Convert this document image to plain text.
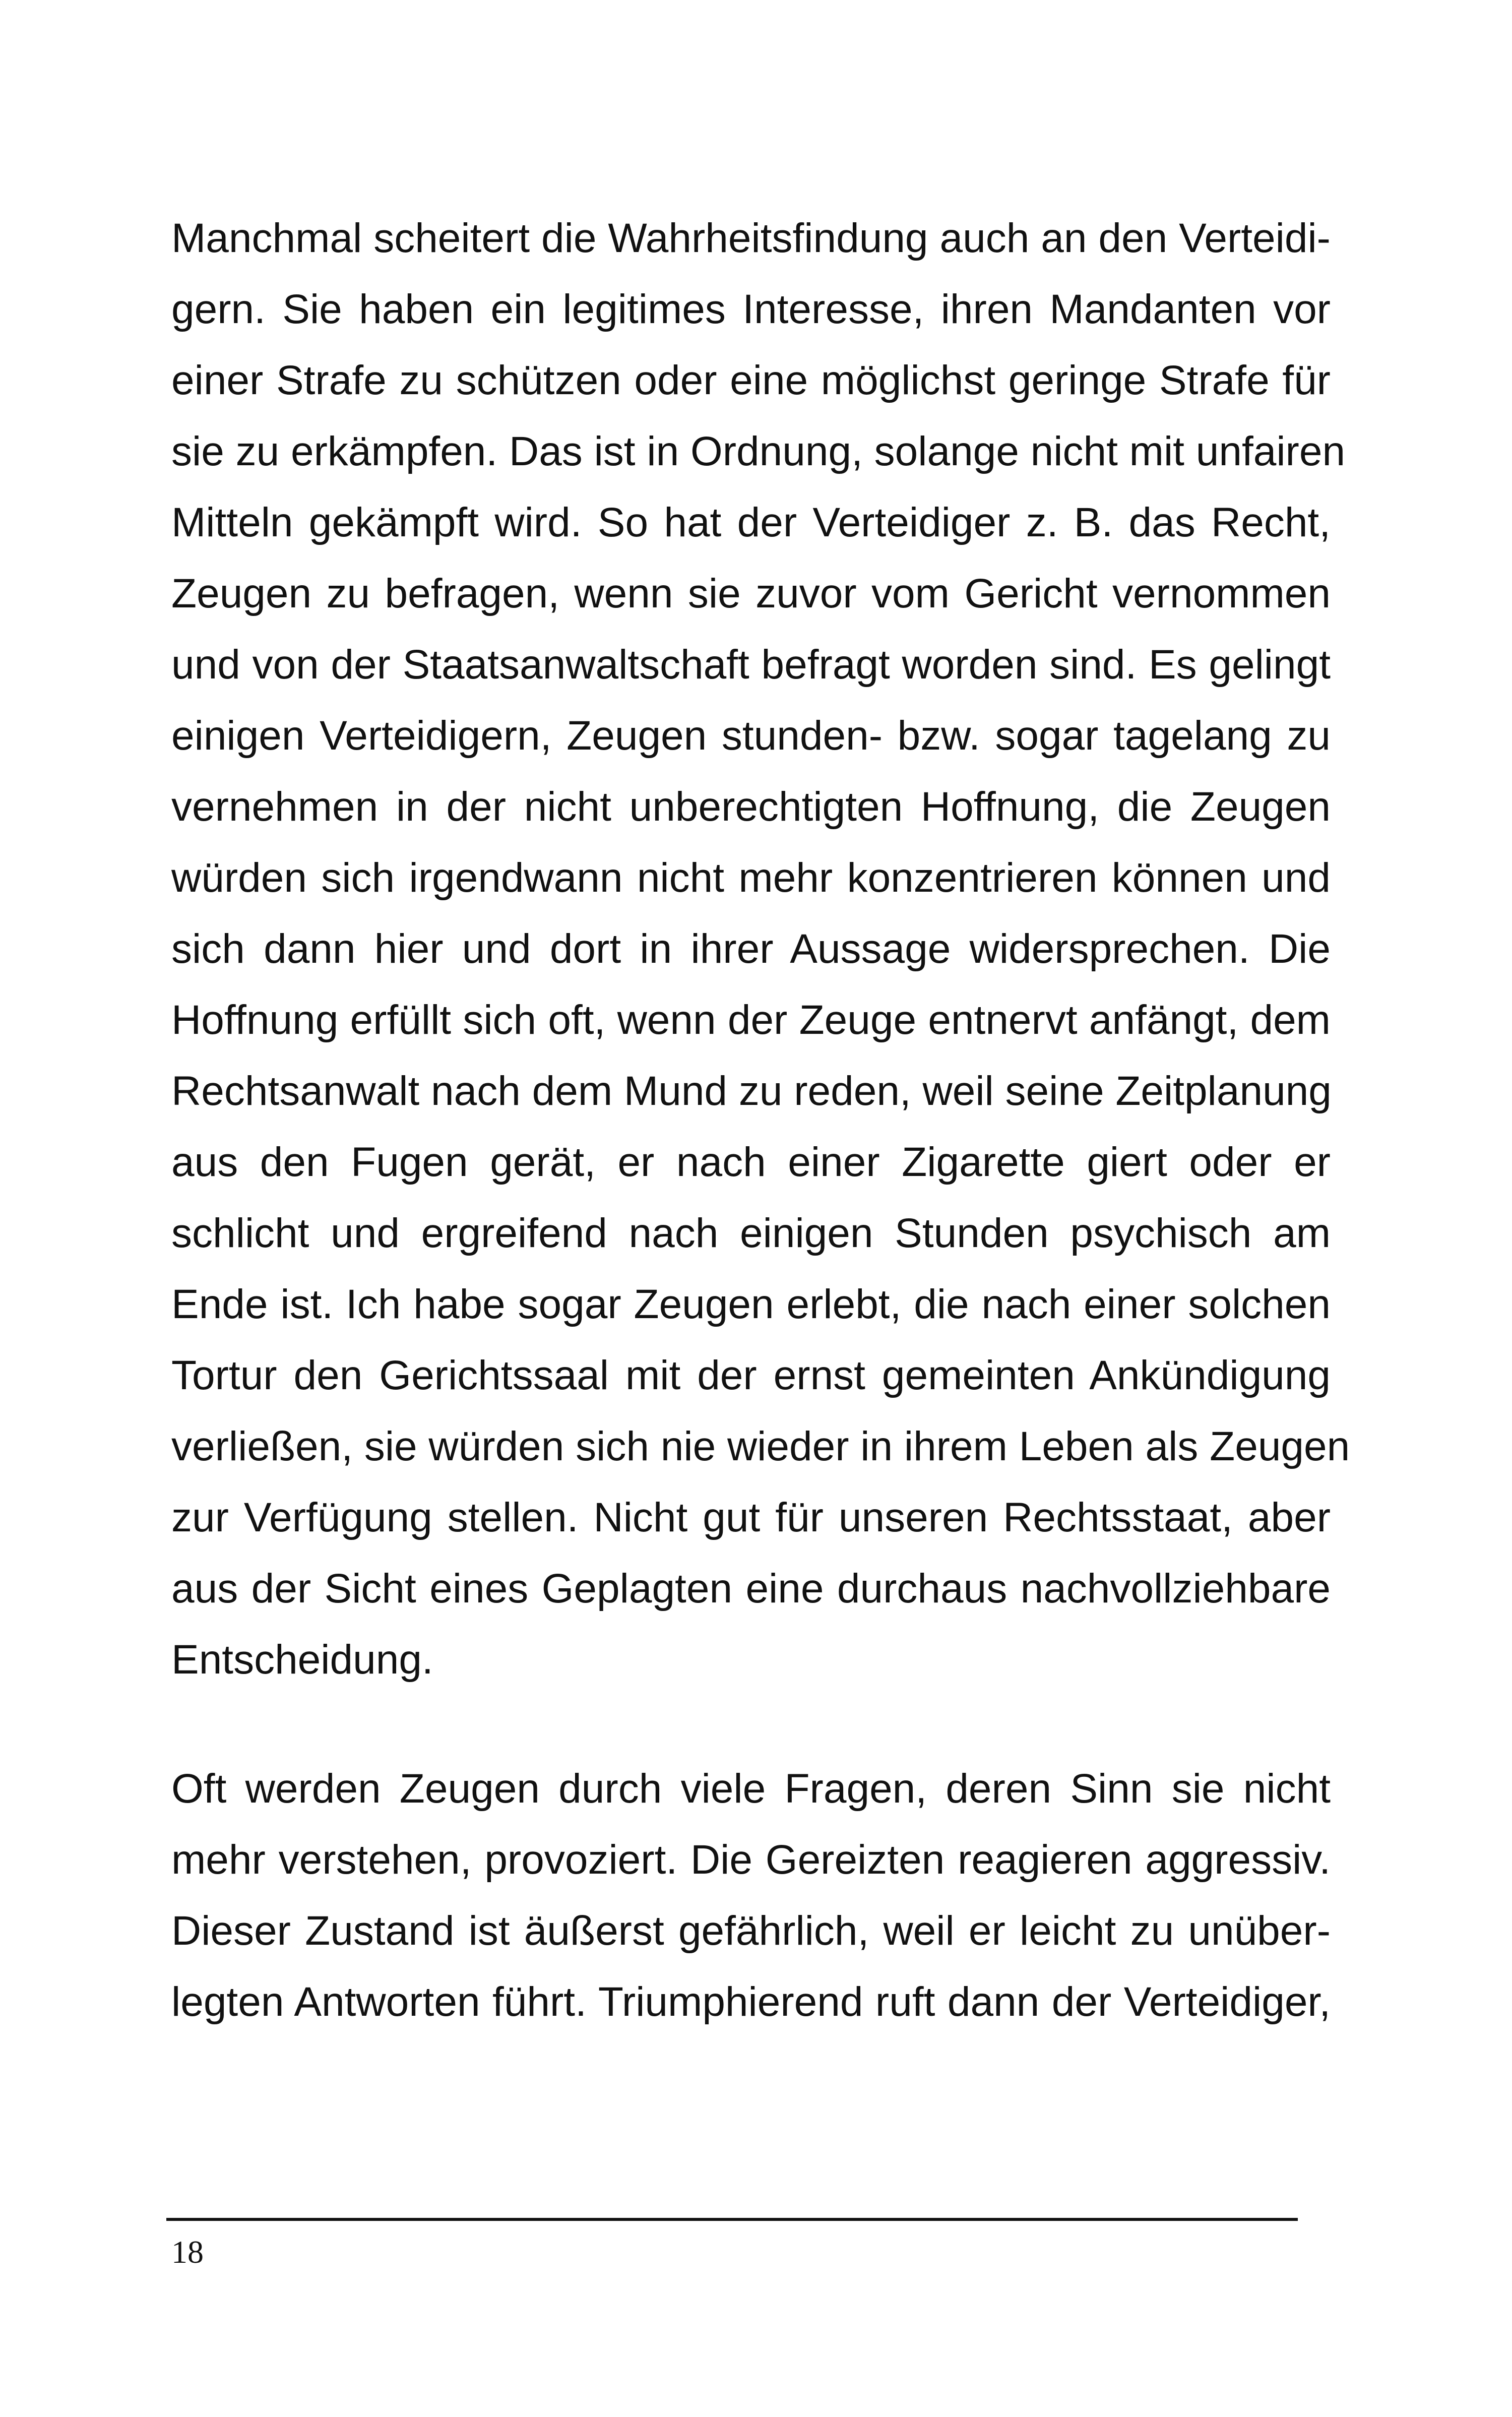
Manchmal scheitert die Wahrheitsfindung auch an den Verteidi-
gern. Sie haben ein legitimes Interesse, ihren Mandanten vor
einer Strafe zu schützen oder eine möglichst geringe Strafe für
sie zu erkämpfen. Das ist in Ordnung, solange nicht mit unfairen
Mitteln gekämpft wird. So hat der Verteidiger z. B. das Recht,
Zeugen zu befragen, wenn sie zuvor vom Gericht vernommen
und von der Staatsanwaltschaft befragt worden sind. Es gelingt
einigen Verteidigern, Zeugen stunden- bzw. sogar tagelang zu
vernehmen in der nicht unberechtigten Hoffnung, die Zeugen
würden sich irgendwann nicht mehr konzentrieren können und
sich dann hier und dort in ihrer Aussage widersprechen. Die
Hoffnung erfüllt sich oft, wenn der Zeuge entnervt anfängt, dem
Rechtsanwalt nach dem Mund zu reden, weil seine Zeitplanung
aus den Fugen gerät, er nach einer Zigarette giert oder er
schlicht und ergreifend nach einigen Stunden psychisch am
Ende ist. Ich habe sogar Zeugen erlebt, die nach einer solchen
Tortur den Gerichtssaal mit der ernst gemeinten Ankündigung
verließen, sie würden sich nie wieder in ihrem Leben als Zeugen
zur Verfügung stellen. Nicht gut für unseren Rechtsstaat, aber
aus der Sicht eines Geplagten eine durchaus nachvollziehbare
Entscheidung.
Oft werden Zeugen durch viele Fragen, deren Sinn sie nicht
mehr verstehen, provoziert. Die Gereizten reagieren aggressiv.
Dieser Zustand ist äußerst gefährlich, weil er leicht zu unüber-
legten Antworten führt. Triumphierend ruft dann der Verteidiger,
18
